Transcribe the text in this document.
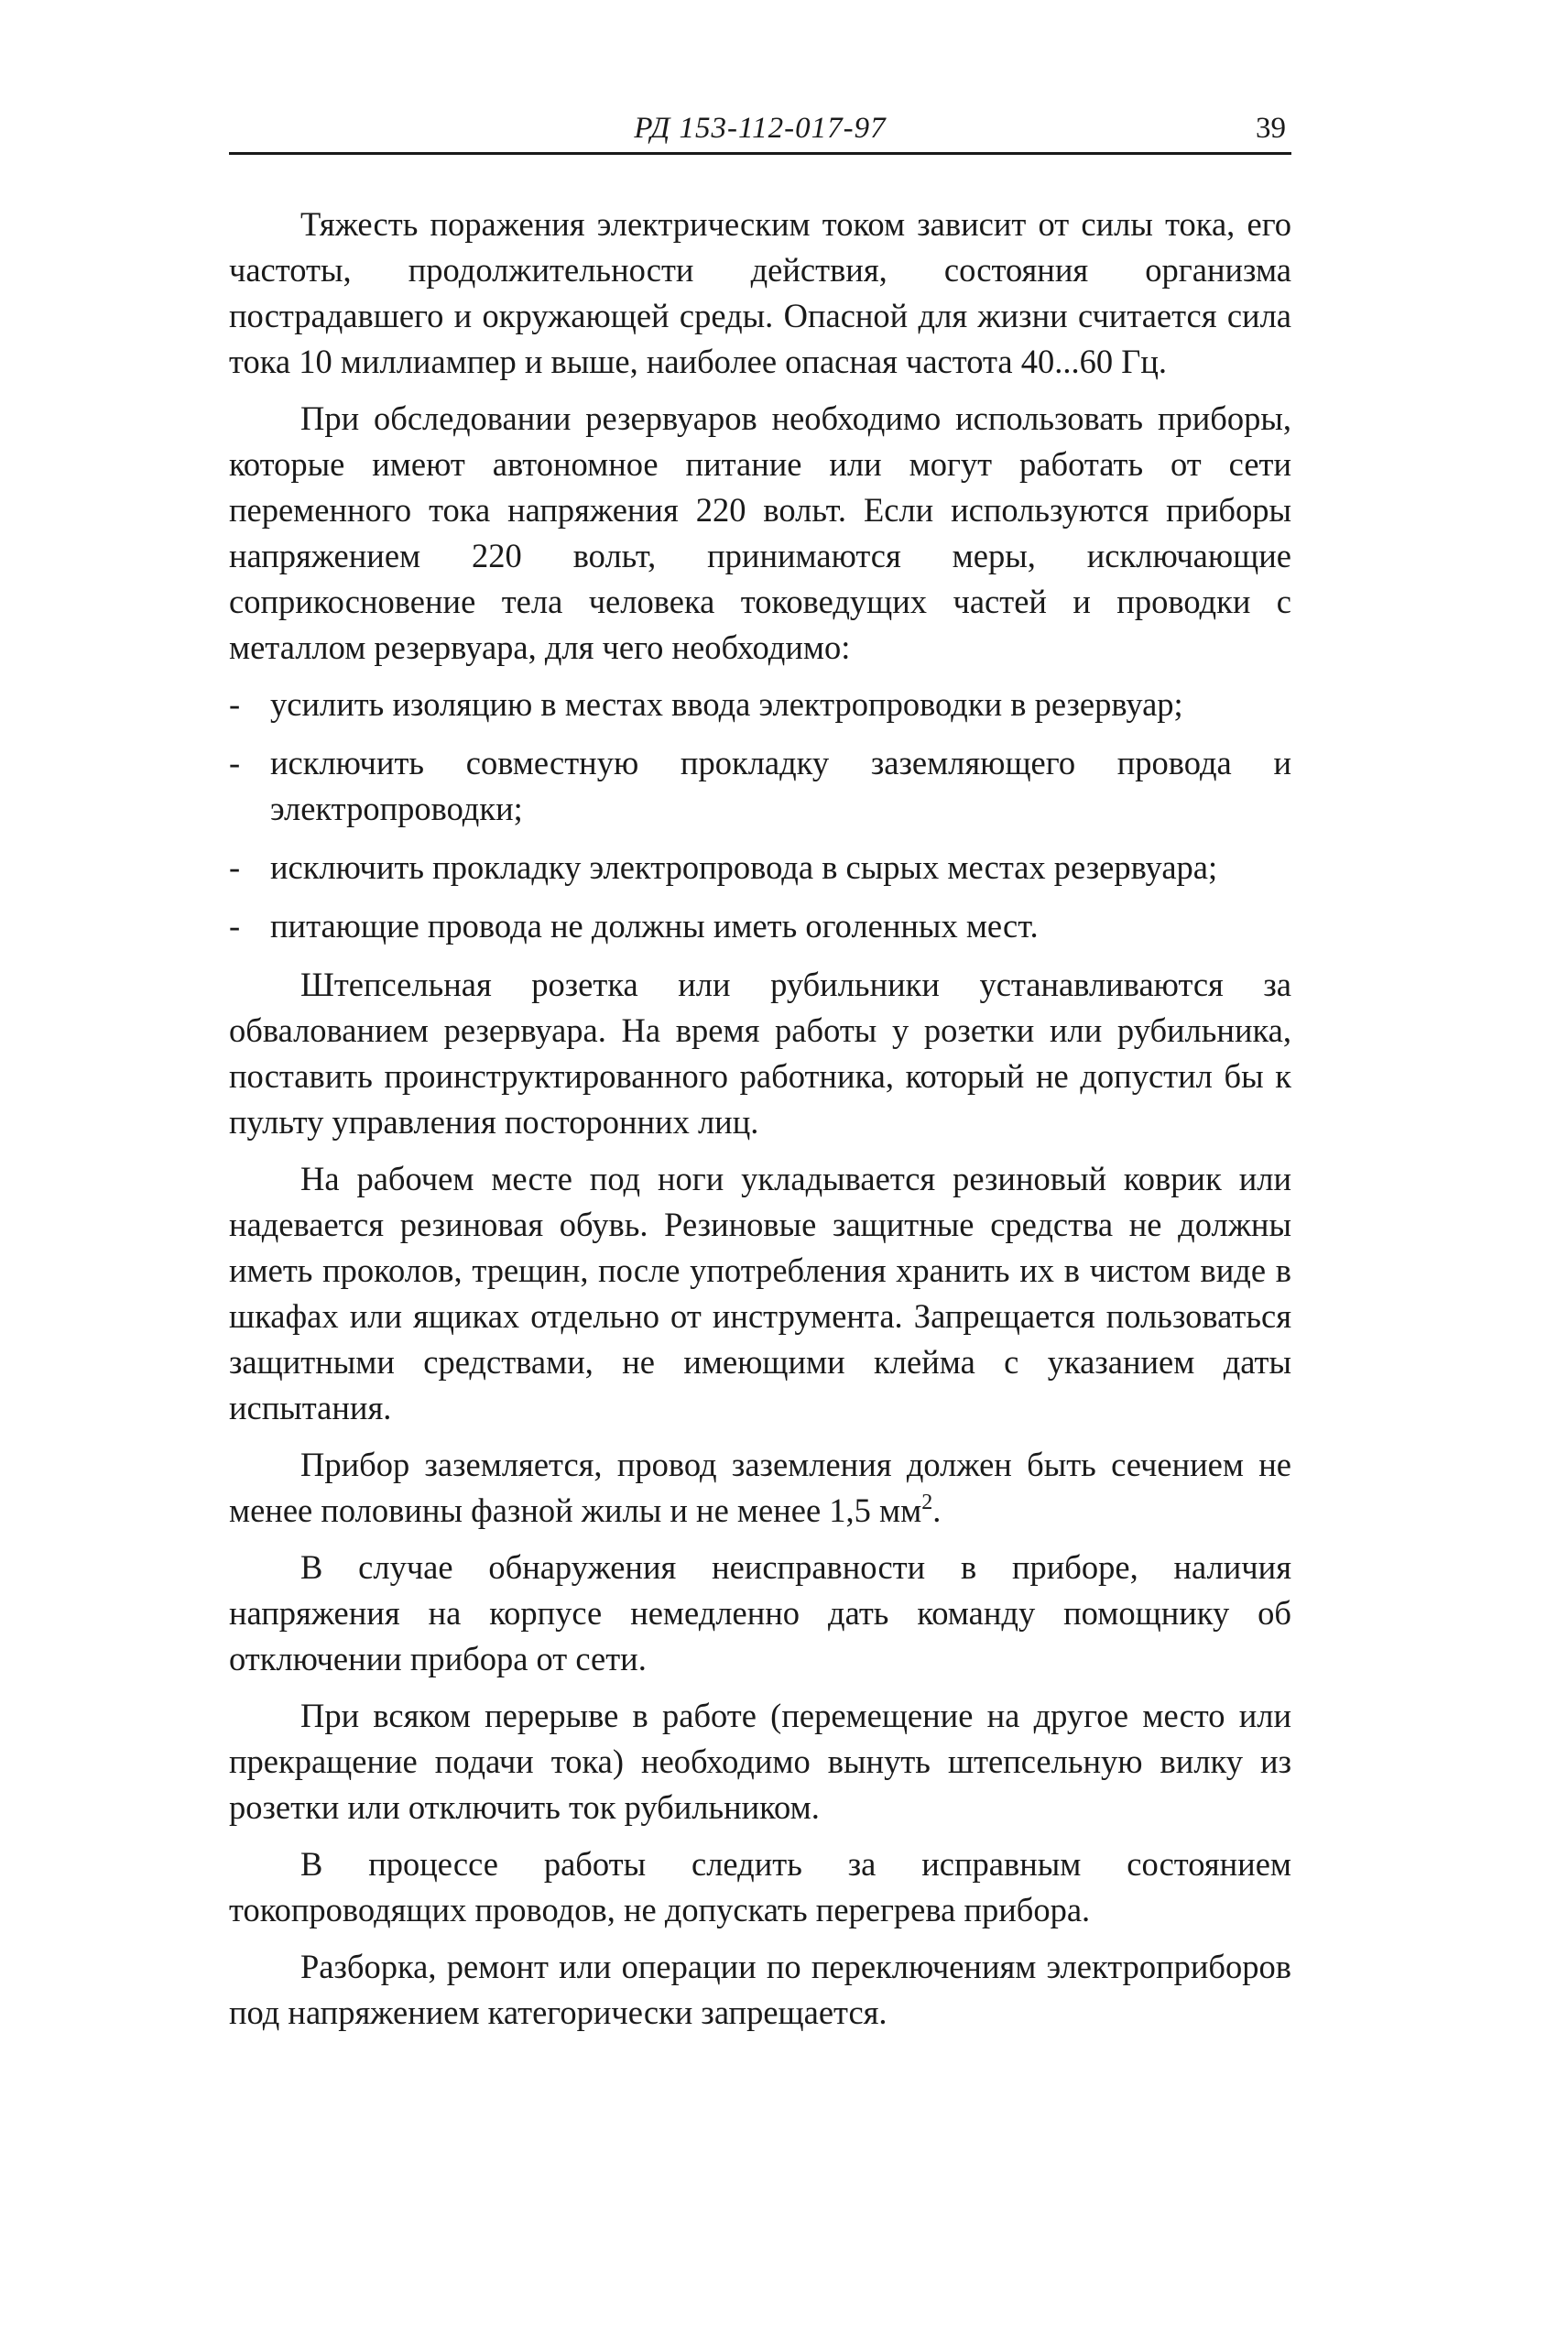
РД 153-112-017-97	39

Тяжесть поражения электрическим током зависит от силы тока, его частоты, продолжительности действия, состояния организма пострадавшего и окружающей среды. Опасной для жизни считается сила тока 10 миллиампер и выше, наиболее опасная частота 40...60 Гц.

При обследовании резервуаров необходимо использовать приборы, которые имеют автономное питание или могут работать от сети переменного тока напряжения 220 вольт. Если используются приборы напряжением 220 вольт, принимаются меры, исключающие соприкосновение тела человека токоведущих частей и проводки с металлом резервуара, для чего необходимо:

- усилить изоляцию в местах ввода электропроводки в резервуар;
- исключить совместную прокладку заземляющего провода и электропроводки;
- исключить прокладку электропровода в сырых местах резервуара;
- питающие провода не должны иметь оголенных мест.

Штепсельная розетка или рубильники устанавливаются за обвалованием резервуара. На время работы у розетки или рубильника, поставить проинструктированного работника, который не допустил бы к пульту управления посторонних лиц.

На рабочем месте под ноги укладывается резиновый коврик или надевается резиновая обувь. Резиновые защитные средства не должны иметь проколов, трещин, после употребления хранить их в чистом виде в шкафах или ящиках отдельно от инструмента. Запрещается пользоваться защитными средствами, не имеющими клейма с указанием даты испытания.

Прибор заземляется, провод заземления должен быть сечением не менее половины фазной жилы и не менее 1,5 $мм^2$.

В случае обнаружения неисправности в приборе, наличия напряжения на корпусе немедленно дать команду помощнику об отключении прибора от сети.

При всяком перерыве в работе (перемещение на другое место или прекращение подачи тока) необходимо вынуть штепсельную вилку из розетки или отключить ток рубильником.

В процессе работы следить за исправным состоянием токопроводящих проводов, не допускать перегрева прибора.

Разборка, ремонт или операции по переключениям электроприборов под напряжением категорически запрещается.
